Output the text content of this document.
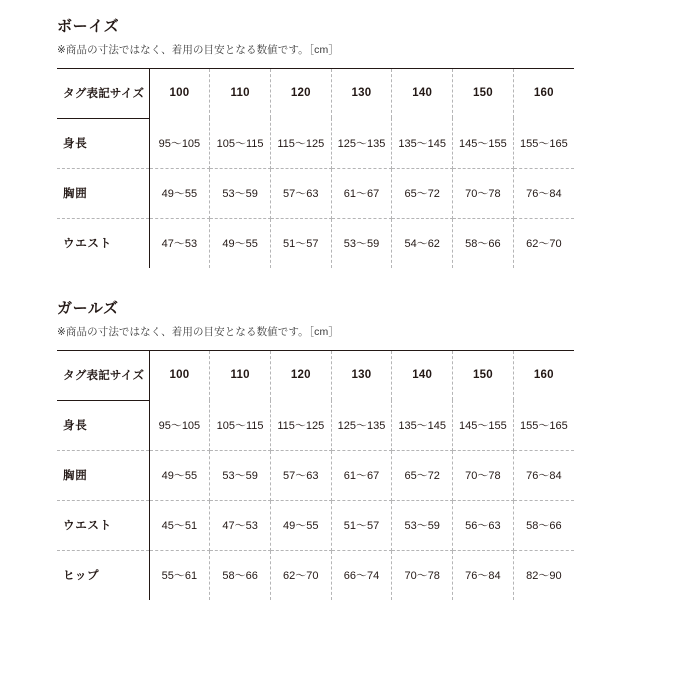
ボーイズ

※商品の寸法ではなく、着用の目安となる数値です。［cm］

タグ表記サイズ	100	110	120	130	140	150	160
身長	95〜105	105〜115	115〜125	125〜135	135〜145	145〜155	155〜165
胸囲	49〜55	53〜59	57〜63	61〜67	65〜72	70〜78	76〜84
ウエスト	47〜53	49〜55	51〜57	53〜59	54〜62	58〜66	62〜70
ガールズ

※商品の寸法ではなく、着用の目安となる数値です。［cm］

タグ表記サイズ	100	110	120	130	140	150	160
身長	95〜105	105〜115	115〜125	125〜135	135〜145	145〜155	155〜165
胸囲	49〜55	53〜59	57〜63	61〜67	65〜72	70〜78	76〜84
ウエスト	45〜51	47〜53	49〜55	51〜57	53〜59	56〜63	58〜66
ヒップ	55〜61	58〜66	62〜70	66〜74	70〜78	76〜84	82〜90
